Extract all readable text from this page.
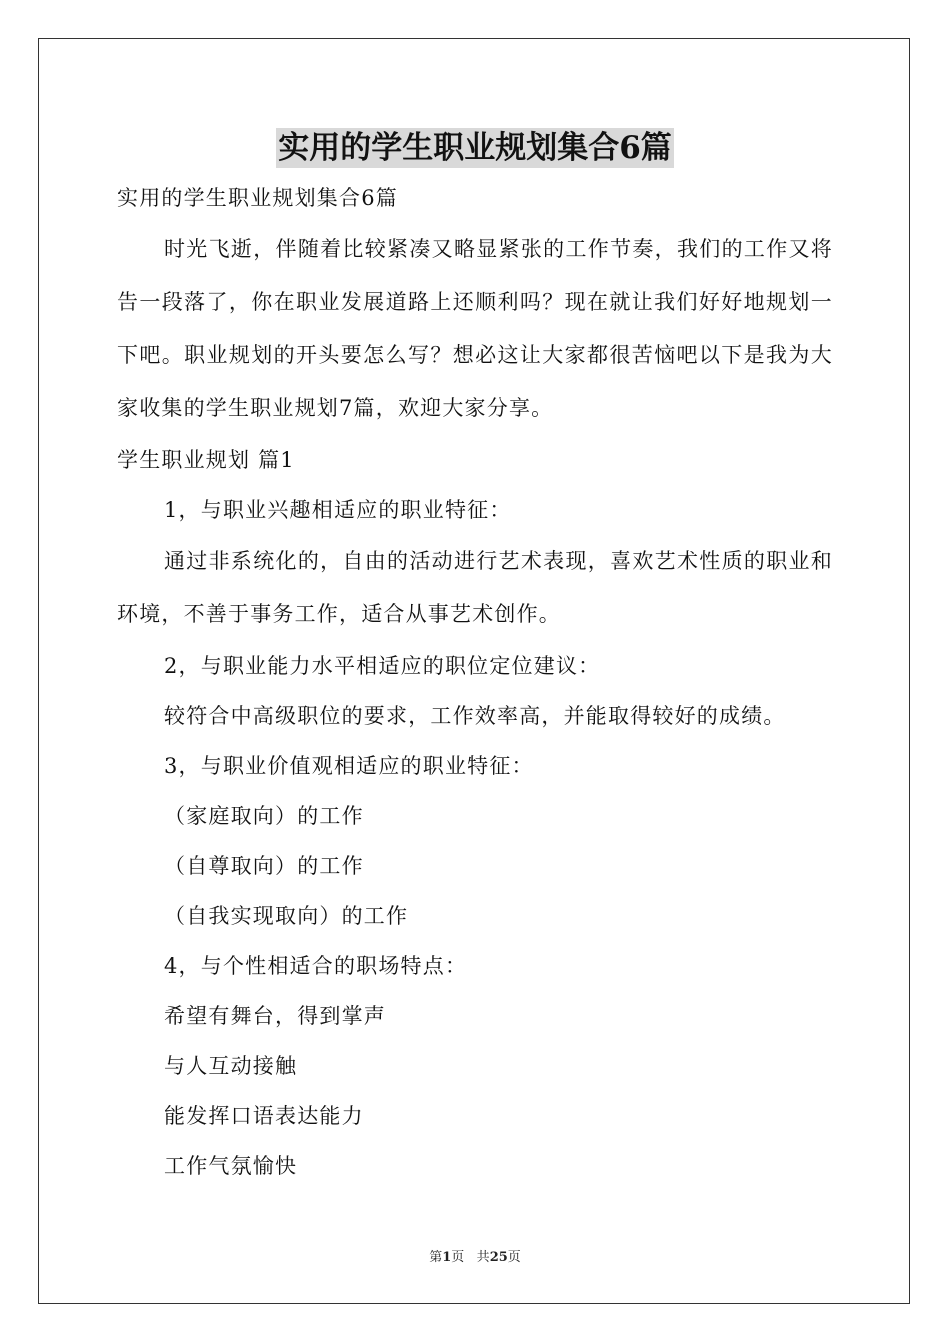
实用的学生职业规划集合6篇

实用的学生职业规划集合6篇

时光飞逝，伴随着比较紧凑又略显紧张的工作节奏，我们的工作又将告一段落了，你在职业发展道路上还顺利吗？现在就让我们好好地规划一下吧。职业规划的开头要怎么写？想必这让大家都很苦恼吧以下是我为大家收集的学生职业规划7篇，欢迎大家分享。

学生职业规划 篇1

1，与职业兴趣相适应的职业特征：

通过非系统化的，自由的活动进行艺术表现，喜欢艺术性质的职业和环境，不善于事务工作，适合从事艺术创作。

2，与职业能力水平相适应的职位定位建议：

较符合中高级职位的要求，工作效率高，并能取得较好的成绩。

3，与职业价值观相适应的职业特征：

（家庭取向）的工作

（自尊取向）的工作

（自我实现取向）的工作

4，与个性相适合的职场特点：

希望有舞台，得到掌声

与人互动接触

能发挥口语表达能力

工作气氛愉快

第1页 共25页
